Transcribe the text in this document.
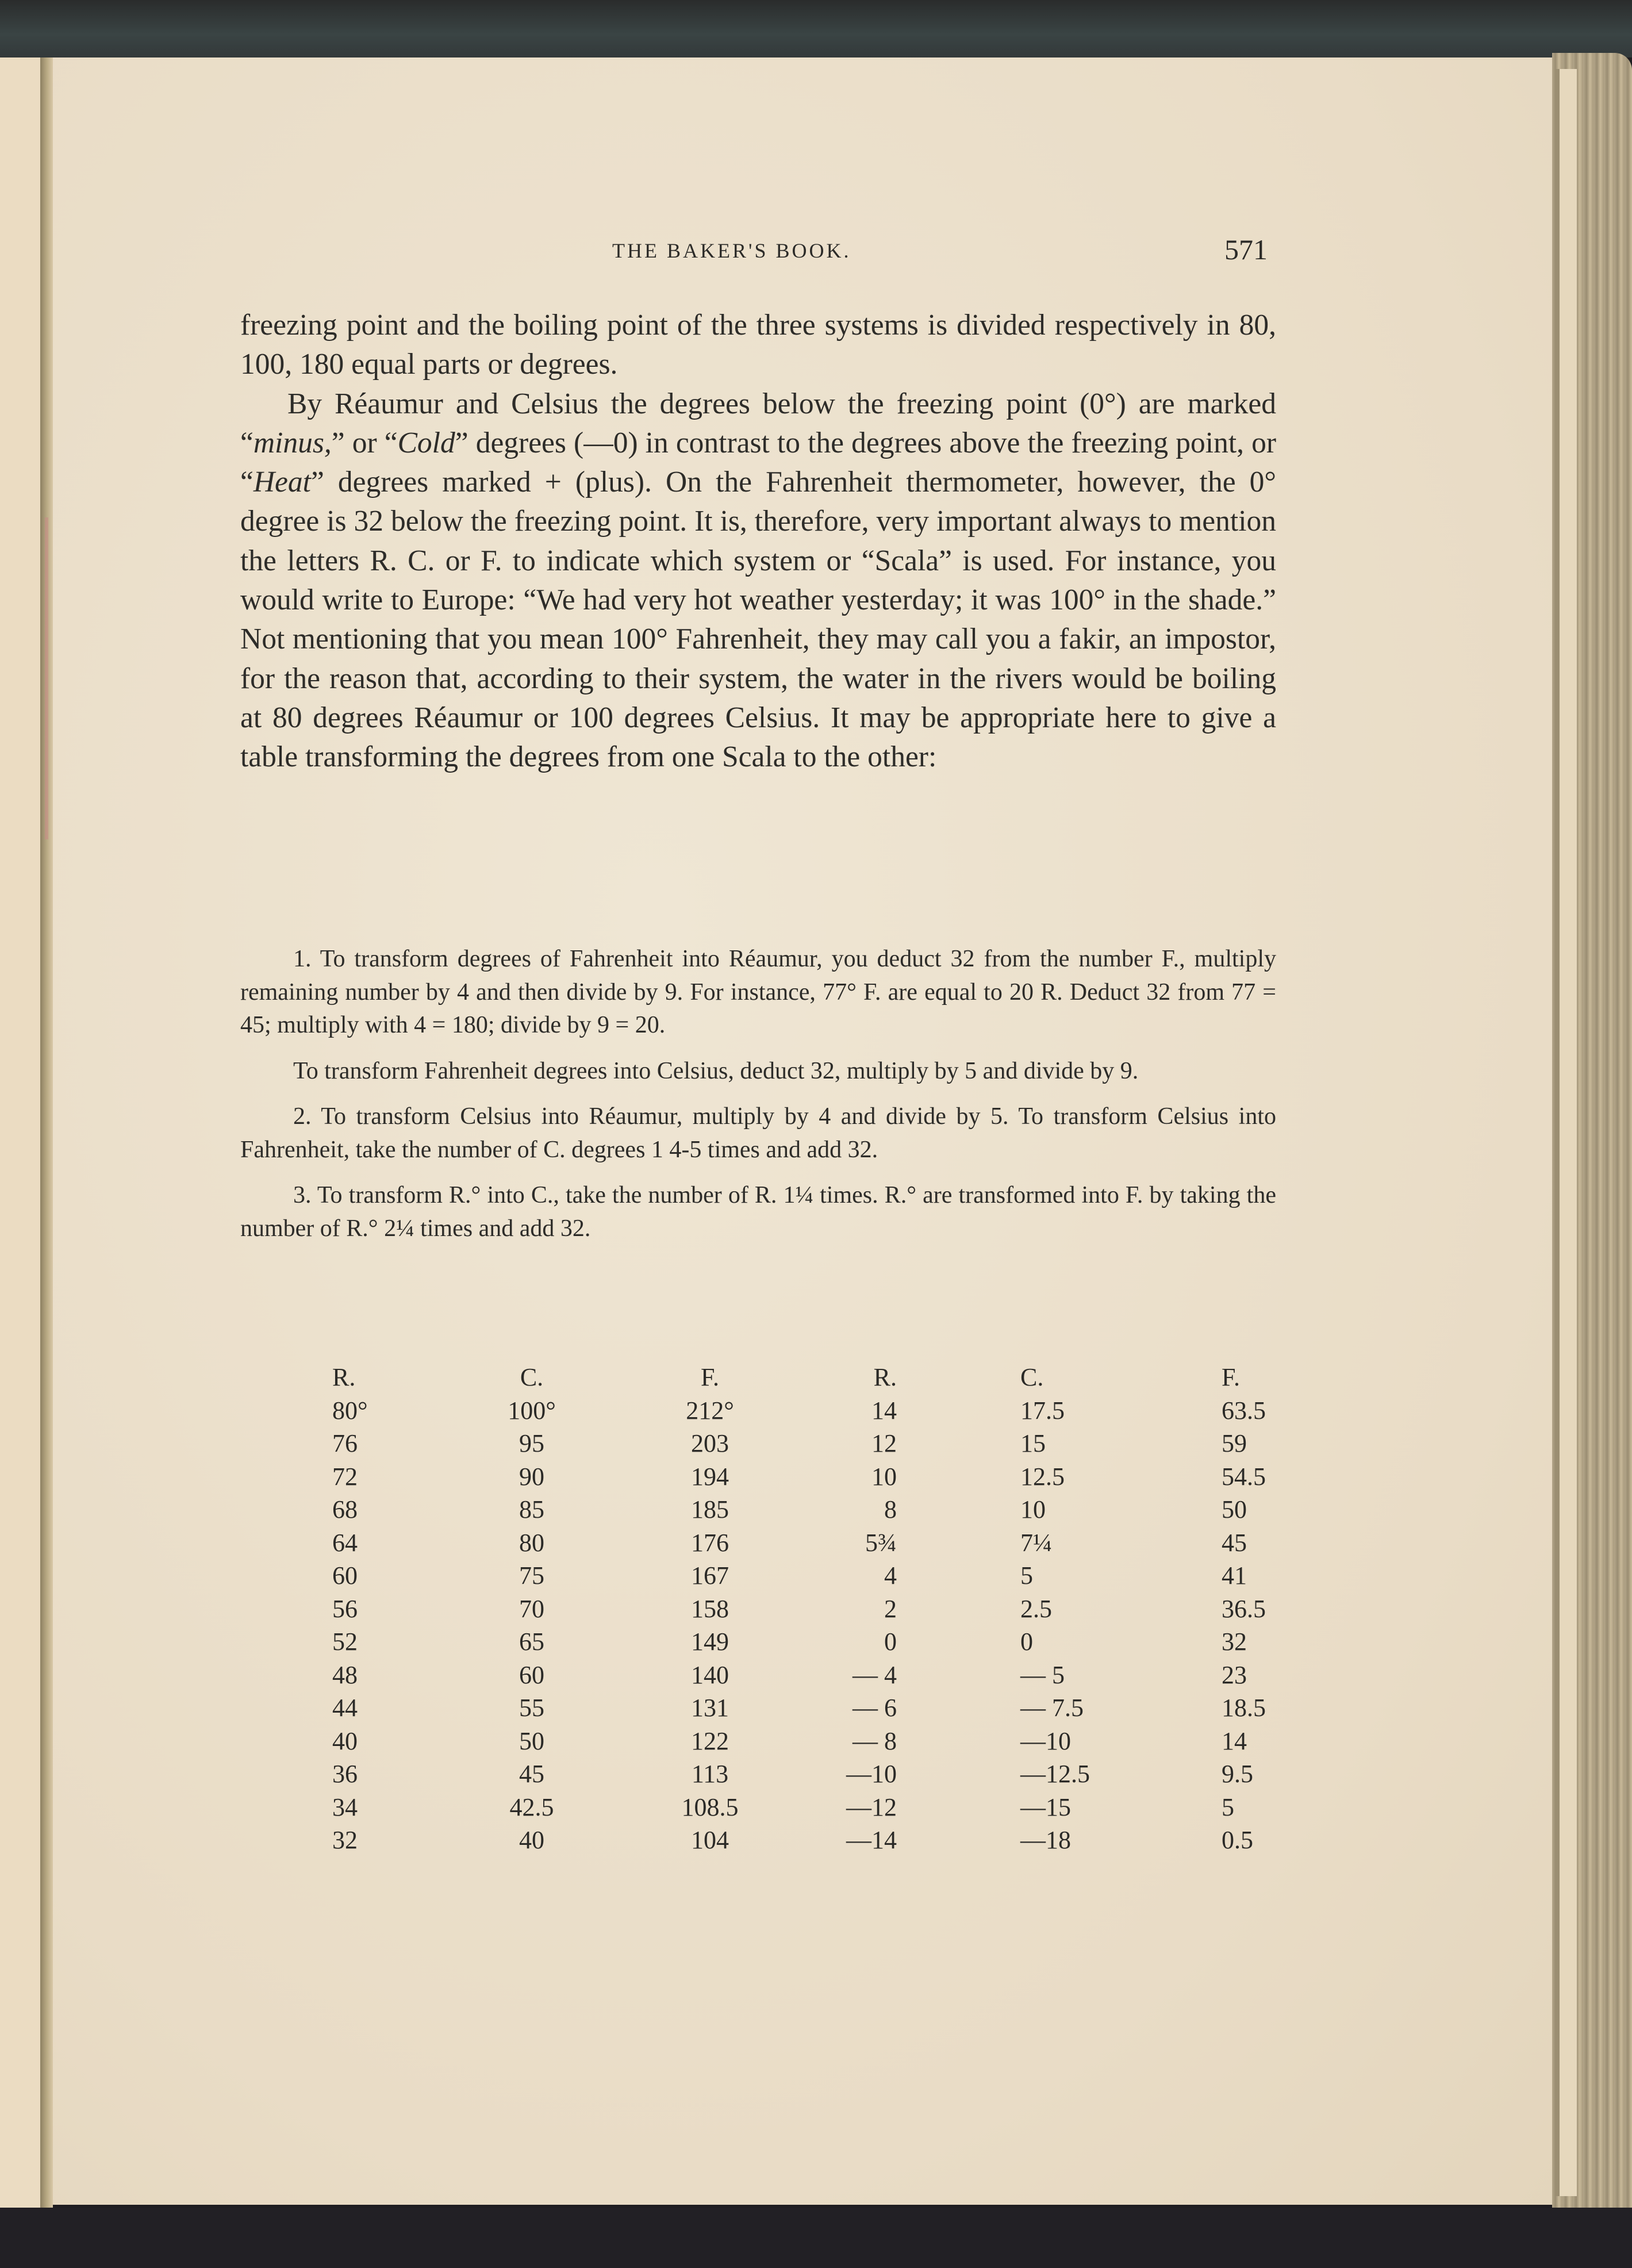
THE BAKER'S BOOK.	571

freezing point and the boiling point of the three systems is divided respectively in 80, 100, 180 equal parts or degrees.

By Réaumur and Celsius the degrees below the freezing point (0°) are marked “minus,” or “Cold” degrees (—0) in contrast to the degrees above the freezing point, or “Heat” degrees marked + (plus). On the Fahrenheit thermometer, however, the 0° degree is 32 below the freezing point. It is, therefore, very important always to mention the letters R. C. or F. to indicate which system or “Scala” is used. For instance, you would write to Europe: “We had very hot weather yesterday; it was 100° in the shade.” Not mentioning that you mean 100° Fahrenheit, they may call you a fakir, an impostor, for the reason that, according to their system, the water in the rivers would be boiling at 80 degrees Réaumur or 100 degrees Celsius. It may be appropriate here to give a table transforming the degrees from one Scala to the other:

1. To transform degrees of Fahrenheit into Réaumur, you deduct 32 from the number F., multiply remaining number by 4 and then divide by 9. For instance, 77° F. are equal to 20 R. Deduct 32 from 77 = 45; multiply with 4 = 180; divide by 9 = 20.

To transform Fahrenheit degrees into Celsius, deduct 32, multiply by 5 and divide by 9.

2. To transform Celsius into Réaumur, multiply by 4 and divide by 5. To transform Celsius into Fahrenheit, take the number of C. degrees 1 4-5 times and add 32.

3. To transform R.° into C., take the number of R. 1¼ times. R.° are transformed into F. by taking the number of R.° 2¼ times and add 32.

R.	C.	F.	R.	C.	F.
80°	100°	212°	14	17.5	63.5
76	95	203	12	15	59
72	90	194	10	12.5	54.5
68	85	185	8	10	50
64	80	176	5¾	7¼	45
60	75	167	4	5	41
56	70	158	2	2.5	36.5
52	65	149	0	0	32
48	60	140	— 4	— 5	23
44	55	131	— 6	— 7.5	18.5
40	50	122	— 8	—10	14
36	45	113	—10	—12.5	9.5
34	42.5	108.5	—12	—15	5
32	40	104	—14	—18	0.5
